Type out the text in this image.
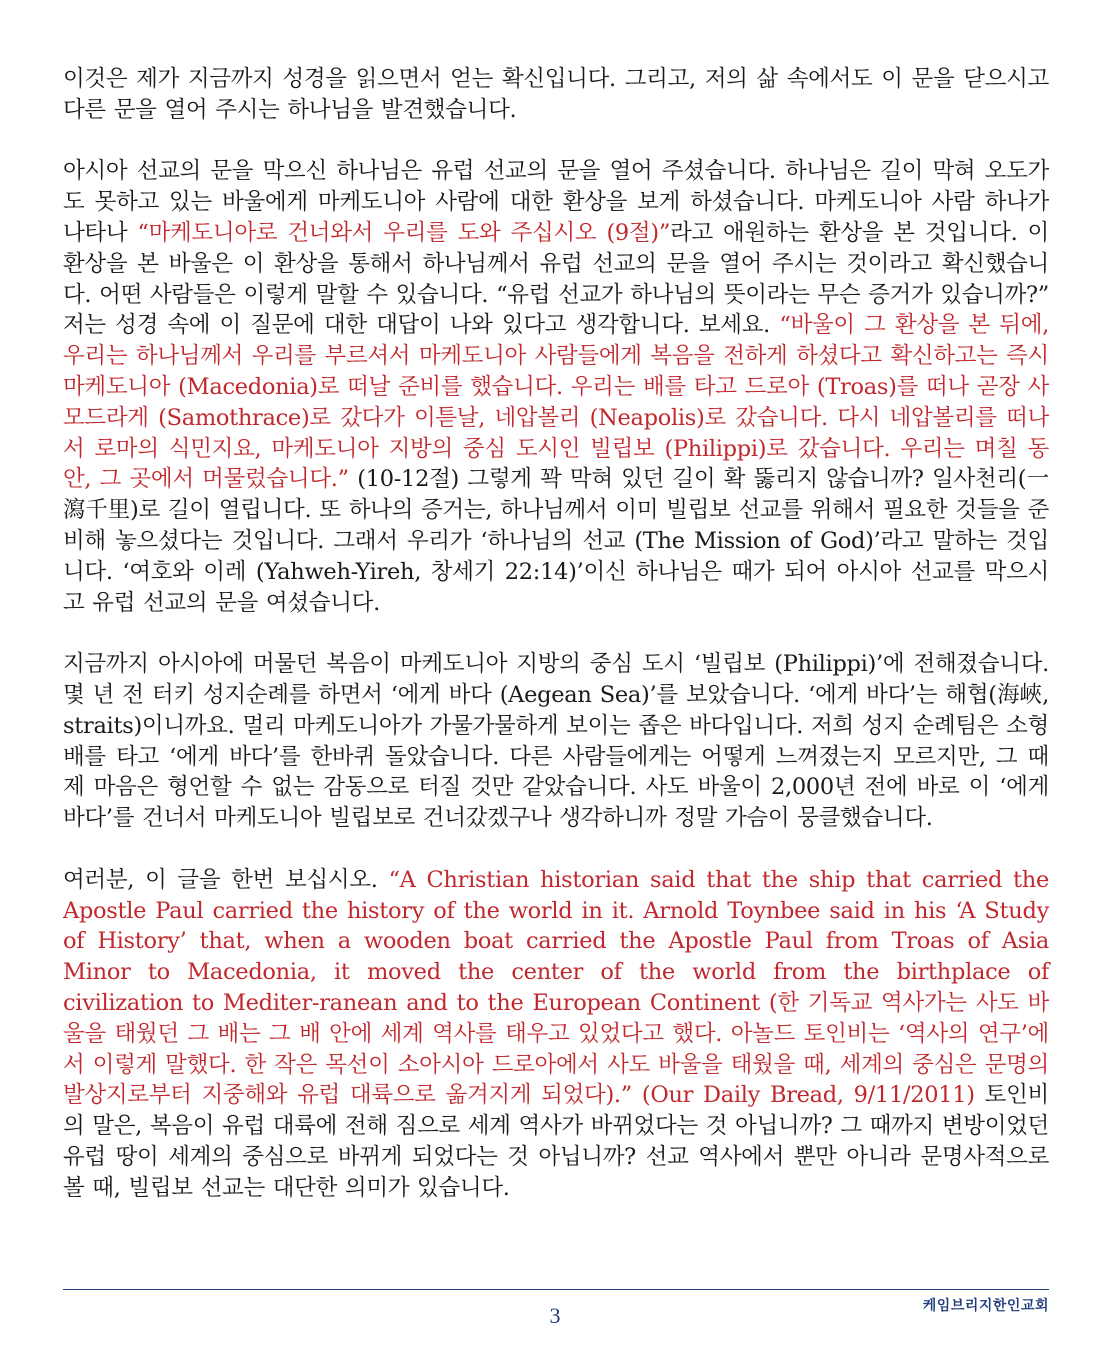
이것은 제가 지금까지 성경을 읽으면서 얻는 확신입니다. 그리고, 저의 삶 속에서도 이 문을 닫으시고 다른 문을 열어 주시는 하나님을 발견했습니다.

아시아 선교의 문을 막으신 하나님은 유럽 선교의 문을 열어 주셨습니다. 하나님은 길이 막혀 오도가도 못하고 있는 바울에게 마케도니아 사람에 대한 환상을 보게 하셨습니다. 마케도니아 사람 하나가 나타나 “마케도니아로 건너와서 우리를 도와 주십시오 (9절)”라고 애원하는 환상을 본 것입니다. 이 환상을 본 바울은 이 환상을 통해서 하나님께서 유럽 선교의 문을 열어 주시는 것이라고 확신했습니다. 어떤 사람들은 이렇게 말할 수 있습니다. “유럽 선교가 하나님의 뜻이라는 무슨 증거가 있습니까?” 저는 성경 속에 이 질문에 대한 대답이 나와 있다고 생각합니다. 보세요. “바울이 그 환상을 본 뒤에, 우리는 하나님께서 우리를 부르셔서 마케도니아 사람들에게 복음을 전하게 하셨다고 확신하고는 즉시 마케도니아 (Macedonia)로 떠날 준비를 했습니다. 우리는 배를 타고 드로아 (Troas)를 떠나 곧장 사모드라게 (Samothrace)로 갔다가 이튿날, 네압볼리 (Neapolis)로 갔습니다. 다시 네압볼리를 떠나서 로마의 식민지요, 마케도니아 지방의 중심 도시인 빌립보 (Philippi)로 갔습니다. 우리는 며칠 동안, 그 곳에서 머물렀습니다.” (10-12절) 그렇게 꽉 막혀 있던 길이 확 뚫리지 않습니까? 일사천리(一瀉千里)로 길이 열립니다. 또 하나의 증거는, 하나님께서 이미 빌립보 선교를 위해서 필요한 것들을 준비해 놓으셨다는 것입니다. 그래서 우리가 ‘하나님의 선교 (The Mission of God)’라고 말하는 것입니다. ‘여호와 이레 (Yahweh-Yireh, 창세기 22:14)’이신 하나님은 때가 되어 아시아 선교를 막으시고 유럽 선교의 문을 여셨습니다.

지금까지 아시아에 머물던 복음이 마케도니아 지방의 중심 도시 ‘빌립보 (Philippi)’에 전해졌습니다. 몇 년 전 터키 성지순례를 하면서 ‘에게 바다 (Aegean Sea)’를 보았습니다. ‘에게 바다’는 해협(海峽, straits)이니까요. 멀리 마케도니아가 가물가물하게 보이는 좁은 바다입니다. 저희 성지 순례팀은 소형 배를 타고 ‘에게 바다’를 한바퀴 돌았습니다. 다른 사람들에게는 어떻게 느껴졌는지 모르지만, 그 때 제 마음은 형언할 수 없는 감동으로 터질 것만 같았습니다. 사도 바울이 2,000년 전에 바로 이 ‘에게 바다’를 건너서 마케도니아 빌립보로 건너갔겠구나 생각하니까 정말 가슴이 뭉클했습니다.

여러분, 이 글을 한번 보십시오. “A Christian historian said that the ship that carried the Apostle Paul carried the history of the world in it. Arnold Toynbee said in his ‘A Study of History’ that, when a wooden boat carried the Apostle Paul from Troas of Asia Minor to Macedonia, it moved the center of the world from the birthplace of civilization to Mediter-ranean and to the European Continent (한 기독교 역사가는 사도 바울을 태웠던 그 배는 그 배 안에 세계 역사를 태우고 있었다고 했다. 아놀드 토인비는 ‘역사의 연구’에서 이렇게 말했다. 한 작은 목선이 소아시아 드로아에서 사도 바울을 태웠을 때, 세계의 중심은 문명의 발상지로부터 지중해와 유럽 대륙으로 옮겨지게 되었다).” (Our Daily Bread, 9/11/2011) 토인비의 말은, 복음이 유럽 대륙에 전해 짐으로 세계 역사가 바뀌었다는 것 아닙니까? 그 때까지 변방이었던 유럽 땅이 세계의 중심으로 바뀌게 되었다는 것 아닙니까? 선교 역사에서 뿐만 아니라 문명사적으로 볼 때, 빌립보 선교는 대단한 의미가 있습니다.

3	케임브리지한인교회
